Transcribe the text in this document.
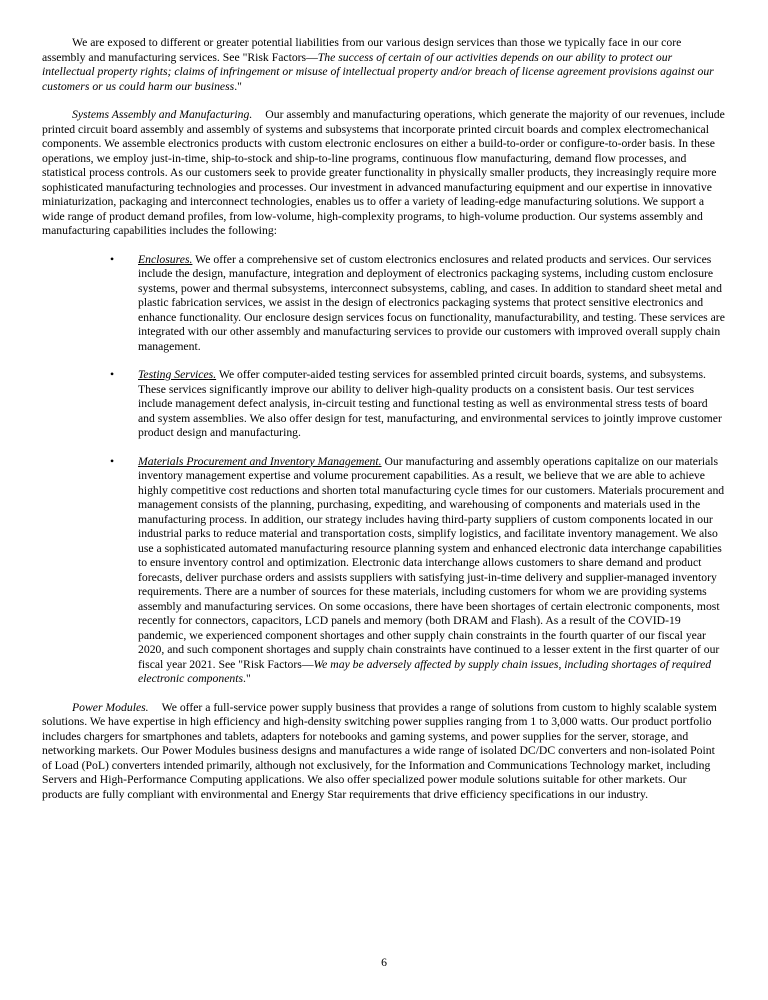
We are exposed to different or greater potential liabilities from our various design services than those we typically face in our core assembly and manufacturing services. See "Risk Factors—The success of certain of our activities depends on our ability to protect our intellectual property rights; claims of infringement or misuse of intellectual property and/or breach of license agreement provisions against our customers or us could harm our business."

Systems Assembly and Manufacturing. Our assembly and manufacturing operations, which generate the majority of our revenues, include printed circuit board assembly and assembly of systems and subsystems that incorporate printed circuit boards and complex electromechanical components. We assemble electronics products with custom electronic enclosures on either a build-to-order or configure-to-order basis. In these operations, we employ just-in-time, ship-to-stock and ship-to-line programs, continuous flow manufacturing, demand flow processes, and statistical process controls. As our customers seek to provide greater functionality in physically smaller products, they increasingly require more sophisticated manufacturing technologies and processes. Our investment in advanced manufacturing equipment and our expertise in innovative miniaturization, packaging and interconnect technologies, enables us to offer a variety of leading-edge manufacturing solutions. We support a wide range of product demand profiles, from low-volume, high-complexity programs, to high-volume production. Our systems assembly and manufacturing capabilities includes the following:

•	Enclosures. We offer a comprehensive set of custom electronics enclosures and related products and services. Our services include the design, manufacture, integration and deployment of electronics packaging systems, including custom enclosure systems, power and thermal subsystems, interconnect subsystems, cabling, and cases. In addition to standard sheet metal and plastic fabrication services, we assist in the design of electronics packaging systems that protect sensitive electronics and enhance functionality. Our enclosure design services focus on functionality, manufacturability, and testing. These services are integrated with our other assembly and manufacturing services to provide our customers with improved overall supply chain management.
•	Testing Services. We offer computer-aided testing services for assembled printed circuit boards, systems, and subsystems. These services significantly improve our ability to deliver high-quality products on a consistent basis. Our test services include management defect analysis, in-circuit testing and functional testing as well as environmental stress tests of board and system assemblies. We also offer design for test, manufacturing, and environmental services to jointly improve customer product design and manufacturing.
•	Materials Procurement and Inventory Management. Our manufacturing and assembly operations capitalize on our materials inventory management expertise and volume procurement capabilities. As a result, we believe that we are able to achieve highly competitive cost reductions and shorten total manufacturing cycle times for our customers. Materials procurement and management consists of the planning, purchasing, expediting, and warehousing of components and materials used in the manufacturing process. In addition, our strategy includes having third-party suppliers of custom components located in our industrial parks to reduce material and transportation costs, simplify logistics, and facilitate inventory management. We also use a sophisticated automated manufacturing resource planning system and enhanced electronic data interchange capabilities to ensure inventory control and optimization. Electronic data interchange allows customers to share demand and product forecasts, deliver purchase orders and assists suppliers with satisfying just-in-time delivery and supplier-managed inventory requirements. There are a number of sources for these materials, including customers for whom we are providing systems assembly and manufacturing services. On some occasions, there have been shortages of certain electronic components, most recently for connectors, capacitors, LCD panels and memory (both DRAM and Flash). As a result of the COVID-19 pandemic, we experienced component shortages and other supply chain constraints in the fourth quarter of our fiscal year 2020, and such component shortages and supply chain constraints have continued to a lesser extent in the first quarter of our fiscal year 2021. See "Risk Factors—We may be adversely affected by supply chain issues, including shortages of required electronic components."

Power Modules. We offer a full-service power supply business that provides a range of solutions from custom to highly scalable system solutions. We have expertise in high efficiency and high-density switching power supplies ranging from 1 to 3,000 watts. Our product portfolio includes chargers for smartphones and tablets, adapters for notebooks and gaming systems, and power supplies for the server, storage, and networking markets. Our Power Modules business designs and manufactures a wide range of isolated DC/DC converters and non-isolated Point of Load (PoL) converters intended primarily, although not exclusively, for the Information and Communications Technology market, including Servers and High-Performance Computing applications. We also offer specialized power module solutions suitable for other markets. Our products are fully compliant with environmental and Energy Star requirements that drive efficiency specifications in our industry.

6
